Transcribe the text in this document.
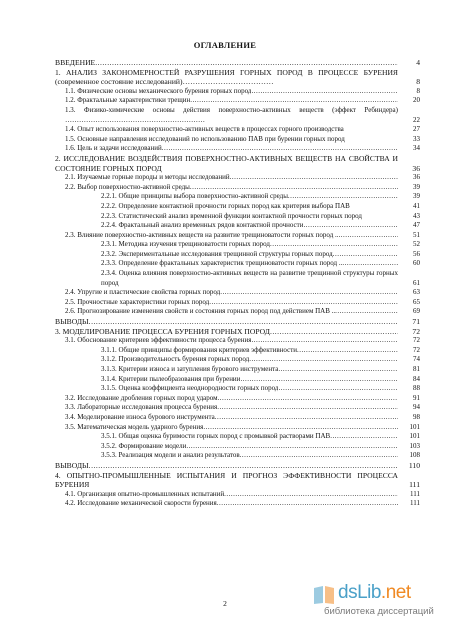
ОГЛАВЛЕНИЕ
ВВЕДЕНИЕ .....	4
1. АНАЛИЗ ЗАКОНОМЕРНОСТЕЙ РАЗРУШЕНИЯ ГОРНЫХ ПОРОД В ПРОЦЕССЕ БУРЕНИЯ (современное состояние исследований)………………………………	8
1.1. Физические основы механического бурения горных пород .....	8
1.2. Фрактальные характеристики трещин .....	20
1.3. Физико-химические основы действия поверхностно-активных веществ (эффект Ребиндера) ……………………………………………………	22
1.4. Опыт использования поверхностно-активных веществ в процессах горного производства	27
1.5. Основные направления исследований по использованию ПАВ при бурении горных пород	33
1.6. Цель и задачи исследований .....	34
2. ИССЛЕДОВАНИЕ ВОЗДЕЙСТВИЯ ПОВЕРХНОСТНО-АКТИВНЫХ ВЕЩЕСТВ НА СВОЙСТВА И СОСТОЯНИЕ ГОРНЫХ ПОРОД	36
2.1. Изучаемые горные породы и методы исследований .....	36
2.2. Выбор поверхностно-активной среды .....	39
2.2.1. Общие принципы выбора поверхностно-активной среды .....	39
2.2.2. Определение контактной прочности горных пород как критерия выбора ПАВ	41
2.2.3. Статистический анализ временной функции контактной прочности горных пород	43
2.2.4. Фрактальный анализ временных рядов контактной прочности .....	47
2.3. Влияние поверхностно-активных веществ на развитие трещиноватости горных пород .. .....	51
2.3.1. Методика изучения трещиноватости горных пород .....	52
2.3.2. Экспериментальные исследования трещинной структуры горных пород .....	56
2.3.3. Определение фрактальных характеристик трещиноватости горных пород .. .....	60
2.3.4. Оценка влияния поверхностно-активных веществ на развитие трещинной структуры горных пород	61
2.4. Упругие и пластические свойства горных пород .....	63
2.5. Прочностные характеристики горных пород .....	65
2.6. Прогнозирование изменения свойств и состояния горных пород под действием ПАВ .. .....	69
ВЫВОДЫ .....	71
3. МОДЕЛИРОВАНИЕ ПРОЦЕССА БУРЕНИЯ ГОРНЫХ ПОРОД .....	72
3.1. Обоснование критериев эффективности процесса бурения .....	72
3.1.1. Общие принципы формирования критериев эффективности .....	72
3.1.2. Производительность бурения горных пород .....	74
3.1.3. Критерии износа и затупления бурового инструмента .....	81
3.1.4. Критерии пылеобразования при бурении .....	84
3.1.5. Оценка коэффициента неоднородности горных пород .....	88
3.2. Исследование дробления горных пород ударом .....	91
3.3. Лабораторные исследования процесса бурения .....	94
3.4. Моделирование износа бурового инструмента .....	98
3.5. Математическая модель ударного бурения .....	101
3.5.1. Общая оценка буримости горных пород с промывкой растворами ПАВ .....	101
3.5.2. Формирование модели .....	103
3.5.3. Реализация модели и анализ результатов .....	108
ВЫВОДЫ .....	110
4. ОПЫТНО-ПРОМЫШЛЕННЫЕ ИСПЫТАНИЯ И ПРОГНОЗ ЭФФЕКТИВНОСТИ ПРОЦЕССА БУРЕНИЯ	111
4.1. Организация опытно-промышленных испытаний .....	111
4.2. Исследование механической скорости бурения .....	111
2
dsLib.net
библиотека диссертаций
